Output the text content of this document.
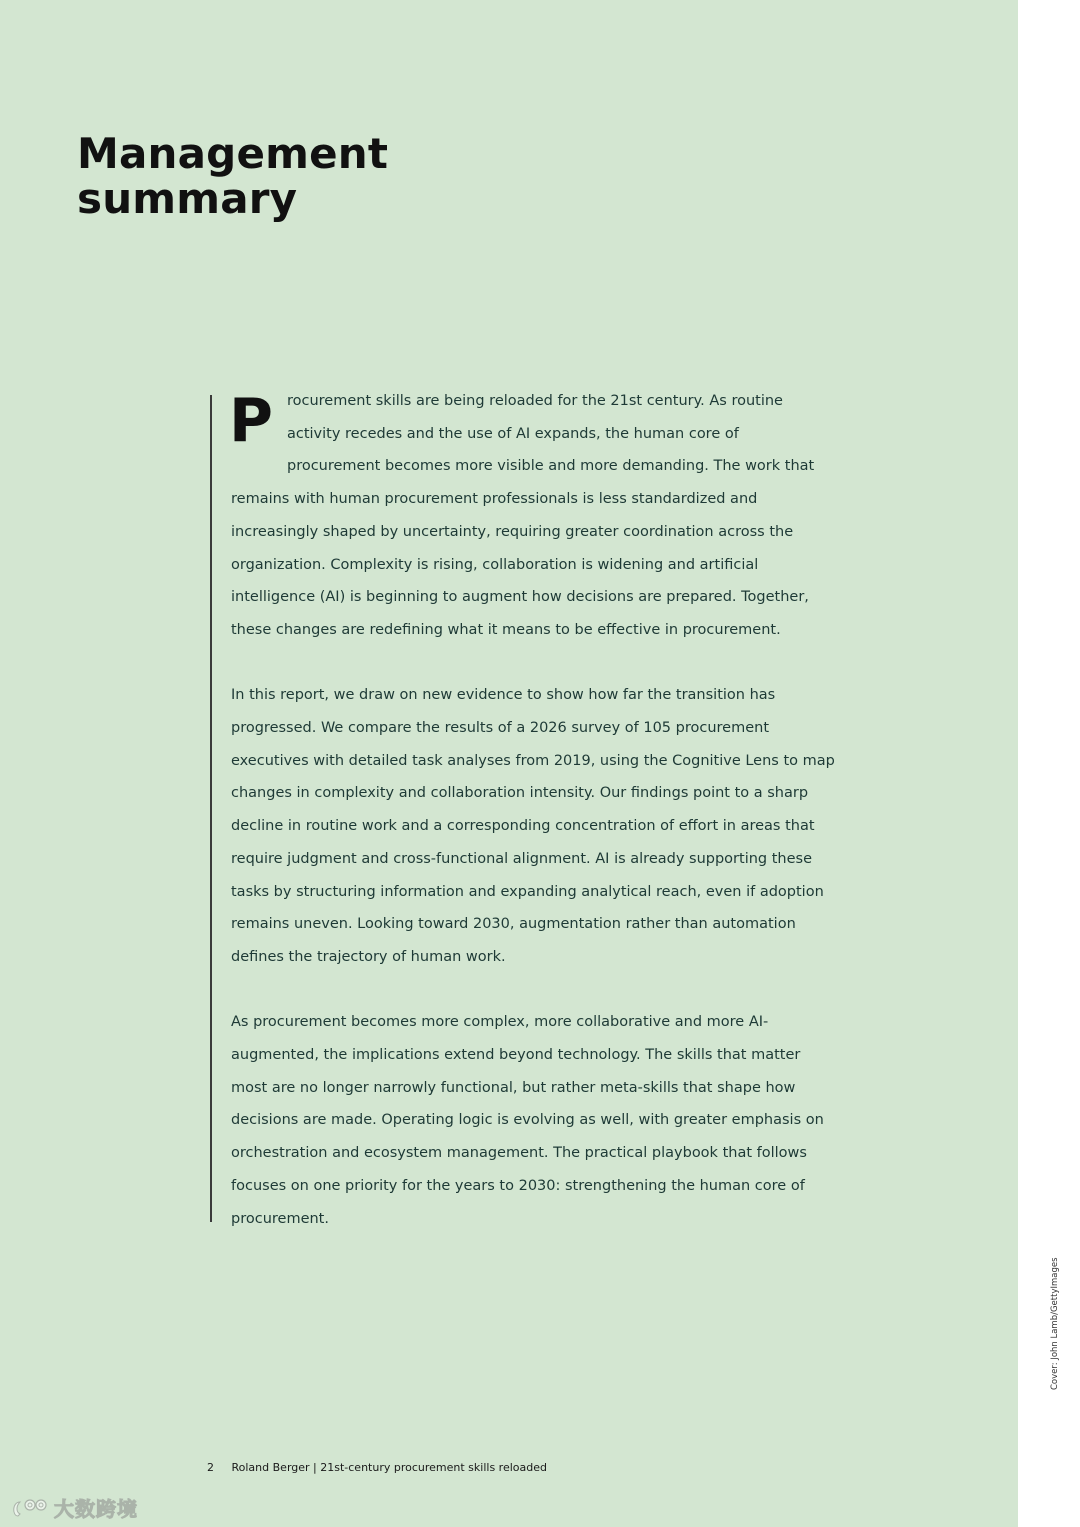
Management
summary

Procurement skills are being reloaded for the 21st century. As routine activity recedes and the use of AI expands, the human core of procurement becomes more visible and more demanding. The work that remains with human procurement professionals is less standardized and increasingly shaped by uncertainty, requiring greater coordination across the organization. Complexity is rising, collaboration is widening and artificial intelligence (AI) is beginning to augment how decisions are prepared. Together, these changes are redefining what it means to be effective in procurement.

In this report, we draw on new evidence to show how far the transition has progressed. We compare the results of a 2026 survey of 105 procurement executives with detailed task analyses from 2019, using the Cognitive Lens to map changes in complexity and collaboration intensity. Our findings point to a sharp decline in routine work and a corresponding concentration of effort in areas that require judgment and cross-functional alignment. AI is already supporting these tasks by structuring information and expanding analytical reach, even if adoption remains uneven. Looking toward 2030, augmentation rather than automation defines the trajectory of human work.

As procurement becomes more complex, more collaborative and more AI-augmented, the implications extend beyond technology. The skills that matter most are no longer narrowly functional, but rather meta-skills that shape how decisions are made. Operating logic is evolving as well, with greater emphasis on orchestration and ecosystem management. The practical playbook that follows focuses on one priority for the years to 2030: strengthening the human core of procurement.

2 Roland Berger | 21st-century procurement skills reloaded
Cover: John Lamb/GettyImages
大数跨境
